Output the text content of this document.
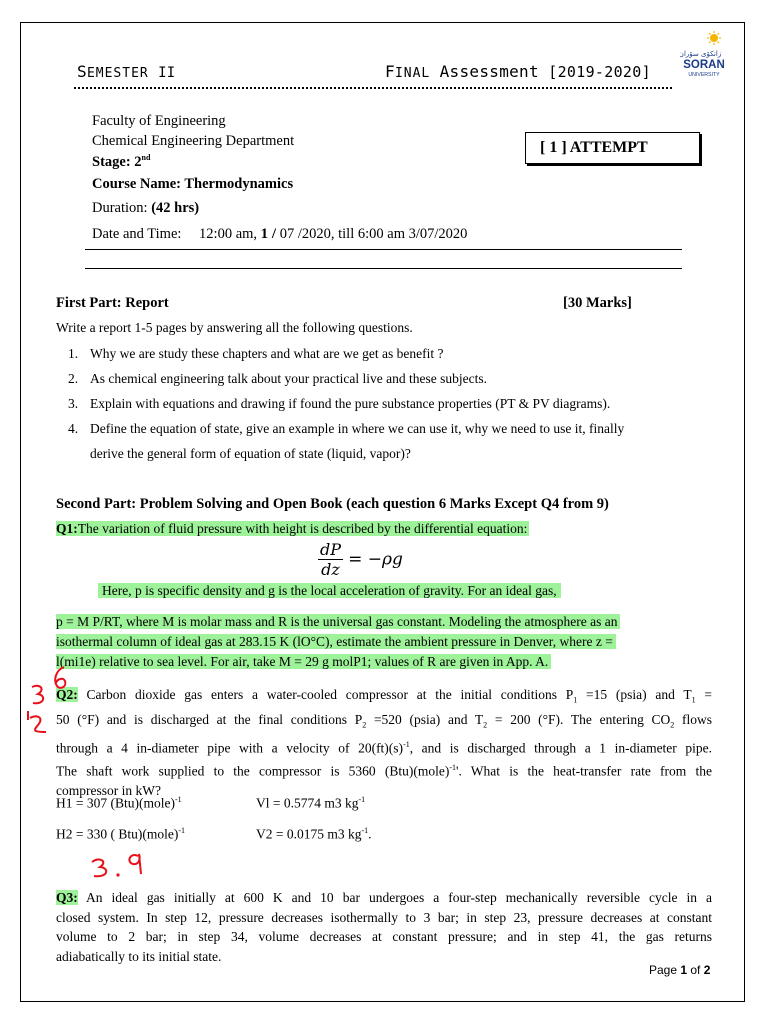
SEMESTER II	FINAL Assessment [2019-2020]
زانكۆی سۆران
SORAN
UNIVERSITY
Faculty of Engineering
Chemical Engineering Department
Stage: 2nd
Course Name: Thermodynamics
Duration: (42 hrs)
Date and Time: 12:00 am, 1 / 07 /2020, till 6:00 am 3/07/2020
[ 1 ] ATTEMPT
First Part: Report	[30 Marks]
Write a report 1-5 pages by answering all the following questions.
1. Why we are study these chapters and what are we get as benefit ?
2. As chemical engineering talk about your practical live and these subjects.
3. Explain with equations and drawing if found the pure substance properties (PT & PV diagrams).
4. Define the equation of state, give an example in where we can use it, why we need to use it, finally
derive the general form of equation of state (liquid, vapor)?
Second Part: Problem Solving and Open Book (each question 6 Marks Except Q4 from 9)
Q1:The variation of fluid pressure with height is described by the differential equation:
$\frac{dP}{dz} = -\rho g$
Here, p is specific density and g is the local acceleration of gravity. For an ideal gas,
p = M P/RT, where M is molar mass and R is the universal gas constant. Modeling the atmosphere as an
isothermal column of ideal gas at 283.15 K (lO°C), estimate the ambient pressure in Denver, where z =
l(mi1e) relative to sea level. For air, take M = 29 g molP1; values of R are given in App. A.
Q2: Carbon dioxide gas enters a water-cooled compressor at the initial conditions $P_1 =15$ (psia) and $T_1$ =
50 (°F) and is discharged at the final conditions $P_2 =520$ (psia) and $T_2 = 200$ (°F). The entering $CO_2$ flows
through a 4 in-diameter pipe with a velocity of $20(ft)(s)^{-1}$, and is discharged through a 1 in-diameter pipe.
The shaft work supplied to the compressor is 5360 (Btu)(mole)$^{-1}$'. What is the heat-transfer rate from the
compressor in kW?
H1 = 307 (Btu)(mole)$^{-1}$	Vl = 0.5774 m3 $kg^{-1}$
H2 = 330 ( Btu)(mole)$^{-1}$	V2 = 0.0175 m3 $kg^{-1}$.
Q3: An ideal gas initially at 600 K and 10 bar undergoes a four-step mechanically reversible cycle in a
closed system. In step 12, pressure decreases isothermally to 3 bar; in step 23, pressure decreases at constant
volume to 2 bar; in step 34, volume decreases at constant pressure; and in step 41, the gas returns
adiabatically to its initial state.
Page 1 of 2
